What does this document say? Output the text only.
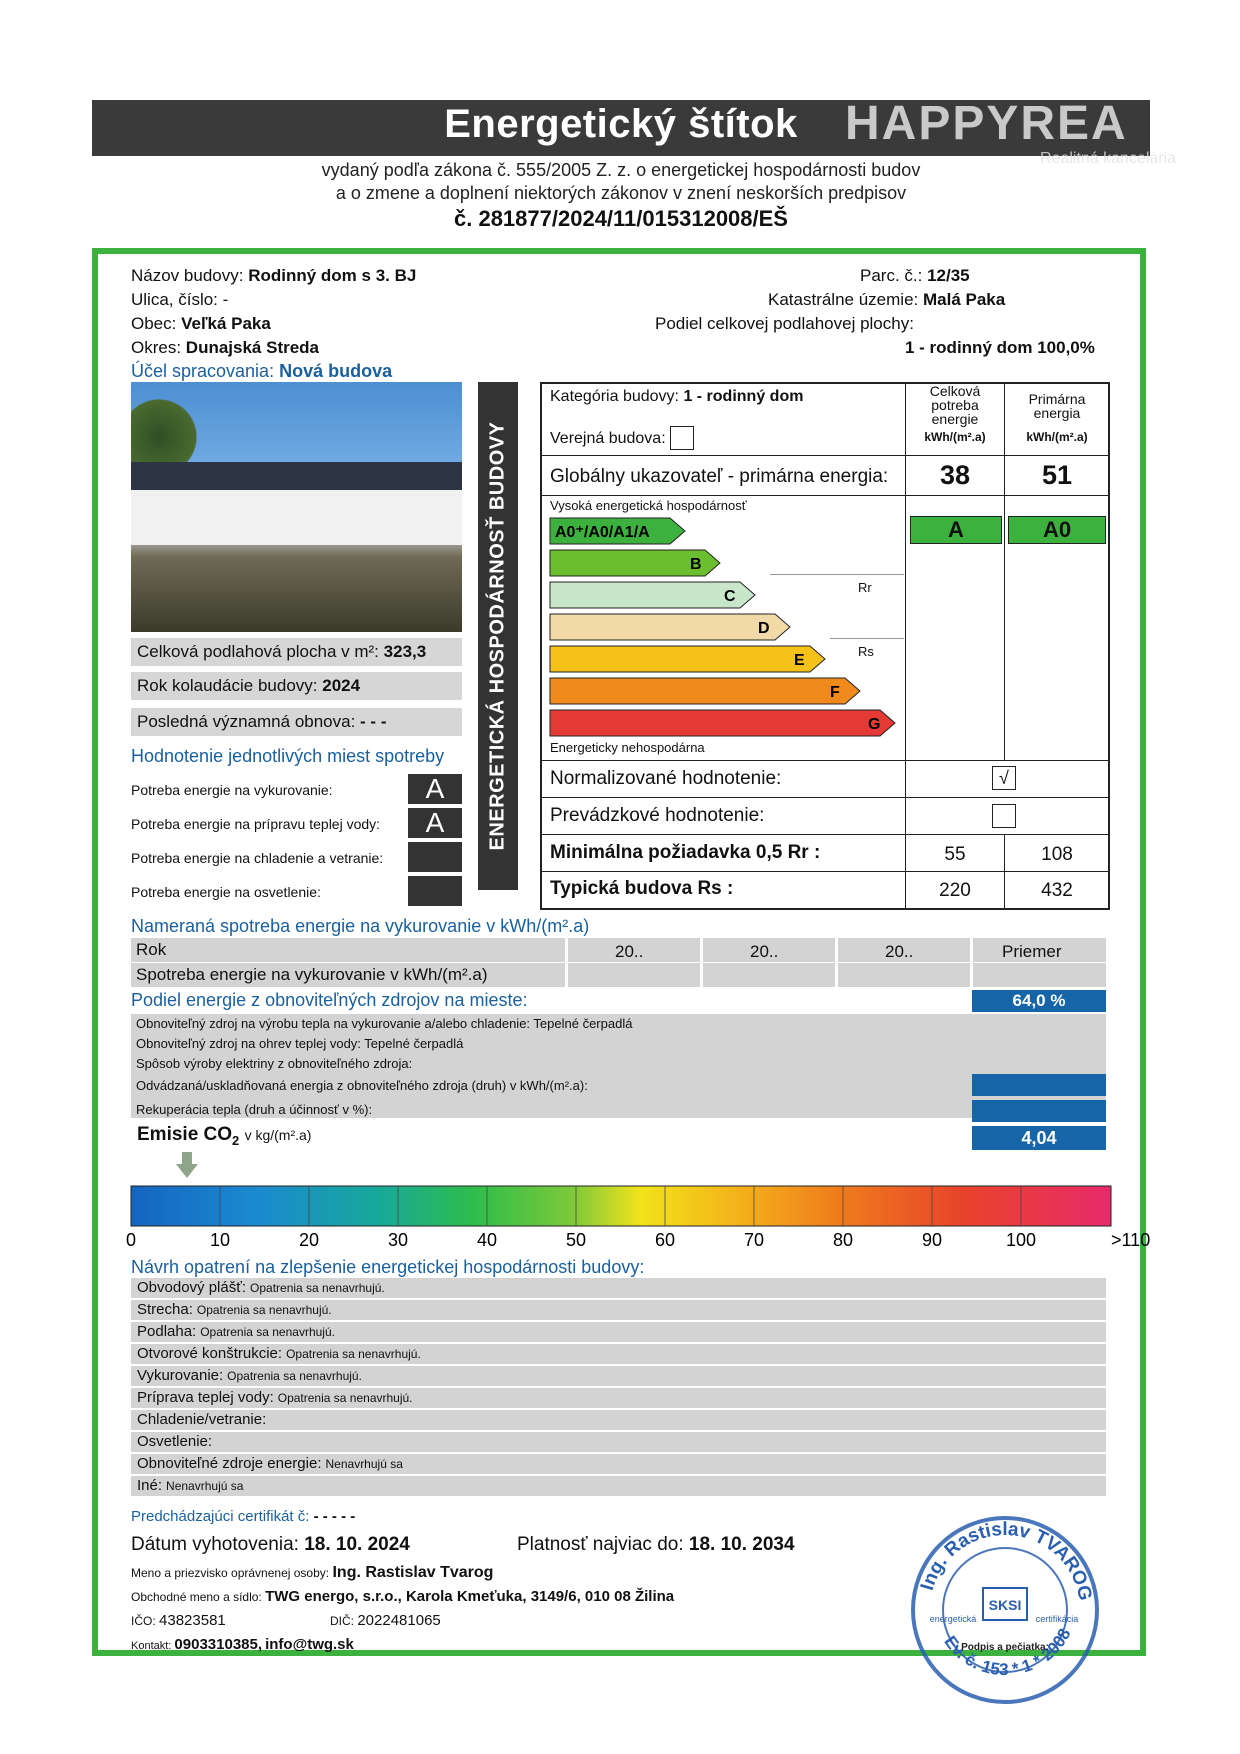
Energetický štítok HAPPYREA
Realitná kancelária
vydaný podľa zákona č. 555/2005 Z. z. o energetickej hospodárnosti budov
a o zmene a doplnení niektorých zákonov v znení neskorších predpisov
č. 281877/2024/11/015312008/EŠ
Názov budovy: Rodinný dom s 3. BJ
Ulica, číslo: -
Obec: Veľká Paka
Okres: Dunajská Streda
Účel spracovania: Nová budova
Parc. č.: 12/35
Katastrálne územie: Malá Paka
Podiel celkovej podlahovej plochy:
1 - rodinný dom 100,0%
Celková podlahová plocha v m²: 323,3
Rok kolaudácie budovy: 2024
Posledná významná obnova: - - -
Hodnotenie jednotlivých miest spotreby
Potreba energie na vykurovanie:	A
Potreba energie na prípravu teplej vody:	A
Potreba energie na chladenie a vetranie:
Potreba energie na osvetlenie:
ENERGETICKÁ HOSPODÁRNOSŤ BUDOVY
Kategória budovy: 1 - rodinný dom
Verejná budova:
Celková
potreba
energie
kWh/(m².a)
Primárna
energia
kWh/(m².a)
Globálny ukazovateľ - primárna energia:	38	51
Vysoká energetická hospodárnosť
Energeticky nehospodárna
A0⁺/A0/A1/A
B
C
D
E
F
G
Rr
Rs
A	A0
Normalizované hodnotenie:	√
Prevádzkové hodnotenie:
Minimálna požiadavka 0,5 Rr :	55	108
Typická budova Rs :	220	432
Nameraná spotreba energie na vykurovanie v kWh/(m².a)
Rok	20..	20..	20..	Priemer
Spotreba energie na vykurovanie v kWh/(m².a)
Podiel energie z obnoviteľných zdrojov na mieste:	64,0 %
Obnoviteľný zdroj na výrobu tepla na vykurovanie a/alebo chladenie: Tepelné čerpadlá
Obnoviteľný zdroj na ohrev teplej vody: Tepelné čerpadlá
Spôsob výroby elektriny z obnoviteľného zdroja:
Odvádzaná/uskladňovaná energia z obnoviteľného zdroja (druh) v kWh/(m².a):
Rekuperácia tepla (druh a účinnosť v %):
Emisie $CO_2$ v kg/(m².a)	4,04
0	10	20	30	40	50	60	70	80	90	100	>110
Návrh opatrení na zlepšenie energetickej hospodárnosti budovy:
Obvodový plášť: Opatrenia sa nenavrhujú.
Strecha: Opatrenia sa nenavrhujú.
Podlaha: Opatrenia sa nenavrhujú.
Otvorové konštrukcie: Opatrenia sa nenavrhujú.
Vykurovanie: Opatrenia sa nenavrhujú.
Príprava teplej vody: Opatrenia sa nenavrhujú.
Chladenie/vetranie:
Osvetlenie:
Obnoviteľné zdroje energie: Nenavrhujú sa
Iné: Nenavrhujú sa
Predchádzajúci certifikát č: - - - - -
Dátum vyhotovenia: 18. 10. 2024	Platnosť najviac do: 18. 10. 2034
Meno a priezvisko oprávnenej osoby: Ing. Rastislav Tvarog
Obchodné meno a sídlo: TWG energo, s.r.o., Karola Kmeťuka, 3149/6, 010 08 Žilina
IČO: 43823581	DIČ: 2022481065
Kontakt: 0903310385, info@twg.sk
Ing. Rastislav TVAROG
Ev. č. 153 * 1 * 2008
SKSI
energetická	certifikácia
Podpis a pečiatka:
